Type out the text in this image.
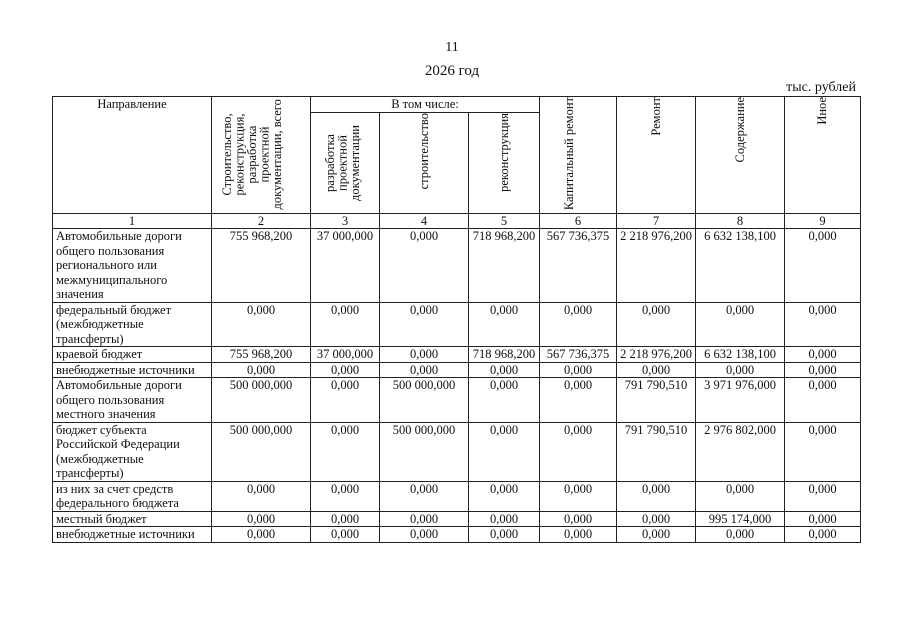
11
2026 год
тыс. рублей
Направление	Строительство, реконструкция, разработка проектной документации, всего	В том числе:			Капитальный ремонт	Ремонт	Содержание	Иное

		разработка проектной документации	строительство	реконструкция				

1	2	3	4	5	6	7	8	9
Автомобильные дороги общего пользования регионального или межмуниципального значения	755 968,200	37 000,000	0,000	718 968,200	567 736,375	2 218 976,200	6 632 138,100	0,000
федеральный бюджет (межбюджетные трансферты)	0,000	0,000	0,000	0,000	0,000	0,000	0,000	0,000
краевой бюджет	755 968,200	37 000,000	0,000	718 968,200	567 736,375	2 218 976,200	6 632 138,100	0,000
внебюджетные источники	0,000	0,000	0,000	0,000	0,000	0,000	0,000	0,000
Автомобильные дороги общего пользования местного значения	500 000,000	0,000	500 000,000	0,000	0,000	791 790,510	3 971 976,000	0,000
бюджет субъекта Российской Федерации (межбюджетные трансферты)	500 000,000	0,000	500 000,000	0,000	0,000	791 790,510	2 976 802,000	0,000
из них за счет средств федерального бюджета	0,000	0,000	0,000	0,000	0,000	0,000	0,000	0,000
местный бюджет	0,000	0,000	0,000	0,000	0,000	0,000	995 174,000	0,000
внебюджетные источники	0,000	0,000	0,000	0,000	0,000	0,000	0,000	0,000
